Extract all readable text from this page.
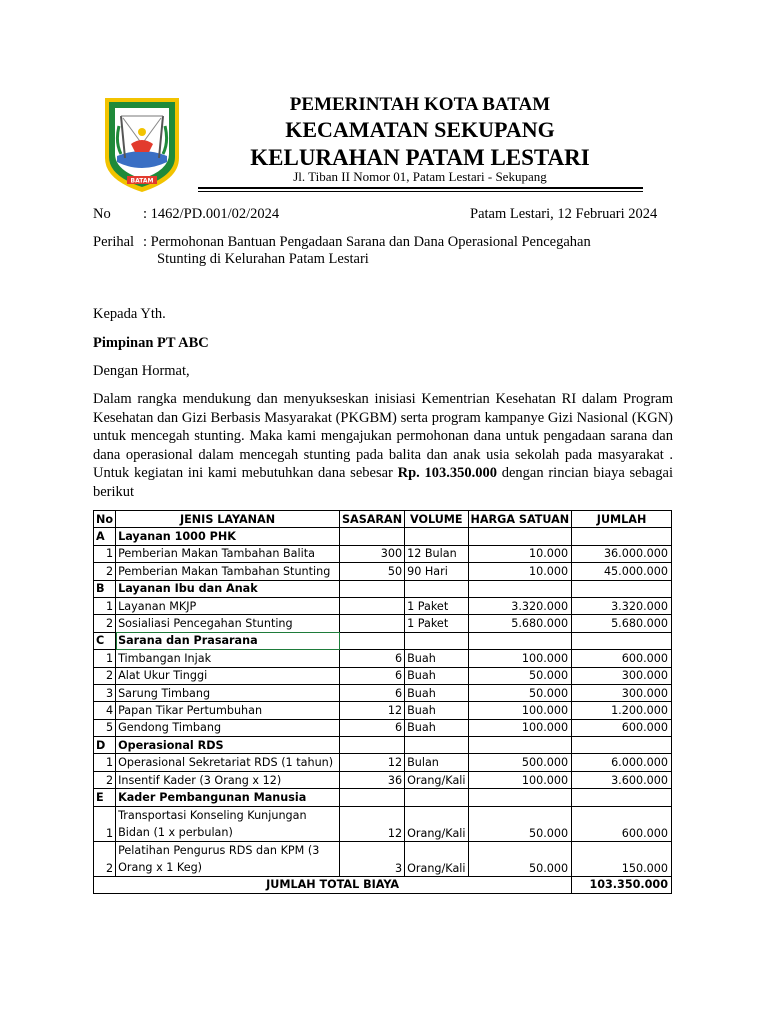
BATAM
PEMERINTAH KOTA BATAM
KECAMATAN SEKUPANG
KELURAHAN PATAM LESTARI
Jl. Tiban II Nomor 01, Patam Lestari - Sekupang
No : 1462/PD.001/02/2024	Patam Lestari, 12 Februari 2024
Perihal : Permohonan Bantuan Pengadaan Sarana dan Dana Operasional Pencegahan
Stunting di Kelurahan Patam Lestari
Kepada Yth.
Pimpinan PT ABC
Dengan Hormat,
Dalam rangka mendukung dan menyukseskan inisiasi Kementrian Kesehatan RI dalam Program Kesehatan dan Gizi Berbasis Masyarakat (PKGBM) serta program kampanye Gizi Nasional (KGN) untuk mencegah stunting. Maka kami mengajukan permohonan dana untuk pengadaan sarana dan dana operasional dalam mencegah stunting pada balita dan anak usia sekolah pada masyarakat . Untuk kegiatan ini kami mebutuhkan dana sebesar Rp. 103.350.000 dengan rincian biaya sebagai berikut
No	JENIS LAYANAN	SASARAN	VOLUME	HARGA SATUAN	JUMLAH
A	Layanan 1000 PHK				
1	Pemberian Makan Tambahan Balita	300	12 Bulan	10.000	36.000.000
2	Pemberian Makan Tambahan Stunting	50	90 Hari	10.000	45.000.000
B	Layanan Ibu dan Anak				
1	Layanan MKJP		1 Paket	3.320.000	3.320.000
2	Sosialiasi Pencegahan Stunting		1 Paket	5.680.000	5.680.000
C	Sarana dan Prasarana				
1	Timbangan Injak	6	Buah	100.000	600.000
2	Alat Ukur Tinggi	6	Buah	50.000	300.000
3	Sarung Timbang	6	Buah	50.000	300.000
4	Papan Tikar Pertumbuhan	12	Buah	100.000	1.200.000
5	Gendong Timbang	6	Buah	100.000	600.000
D	Operasional RDS				
1	Operasional Sekretariat RDS (1 tahun)	12	Bulan	500.000	6.000.000
2	Insentif Kader (3 Orang x 12)	36	Orang/Kali	100.000	3.600.000
E	Kader Pembangunan Manusia				
1	Transportasi Konseling Kunjungan Bidan (1 x perbulan)	12	Orang/Kali	50.000	600.000
2	Pelatihan Pengurus RDS dan KPM (3 Orang x 1 Keg)	3	Orang/Kali	50.000	150.000
JUMLAH TOTAL BIAYA					103.350.000
